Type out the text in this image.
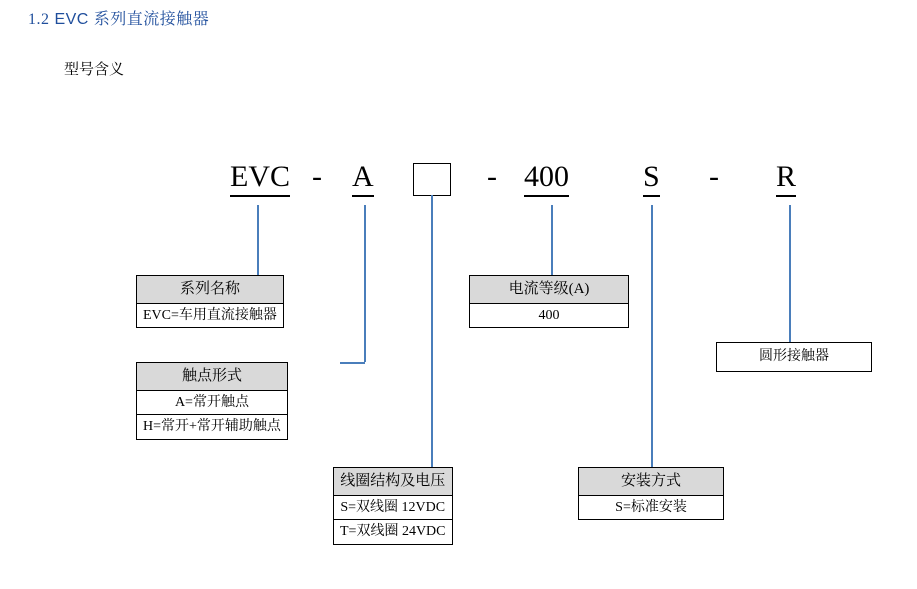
1.2 EVC 系列直流接触器
型号含义
EVC - A	- 400 S - R
系列名称
EVC=车用直流接触器
触点形式
A=常开触点
H=常开+常开辅助触点
线圈结构及电压
S=双线圈 12VDC
T=双线圈 24VDC
电流等级(A)
400
安装方式
S=标准安装
圆形接触器
